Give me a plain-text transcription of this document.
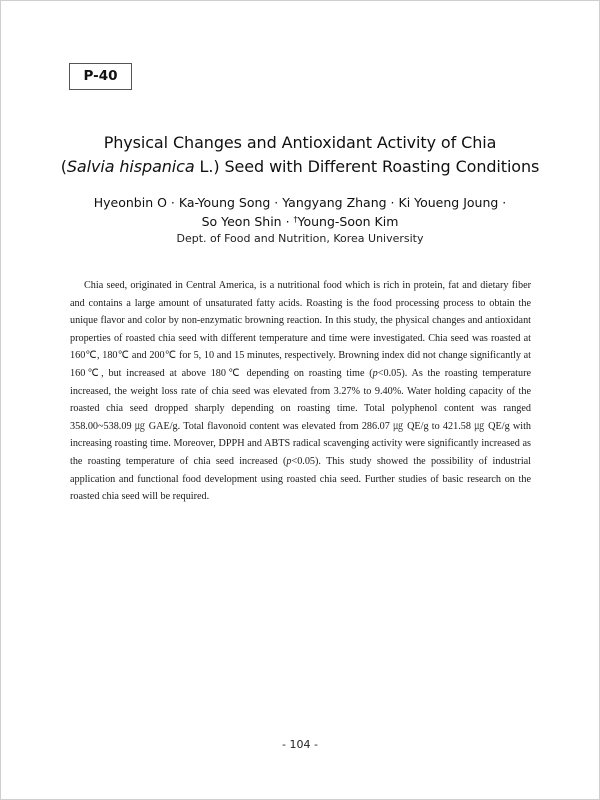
P-40
Physical Changes and Antioxidant Activity of Chia
(Salvia hispanica L.) Seed with Different Roasting Conditions
Hyeonbin O · Ka-Young Song · Yangyang Zhang · Ki Youeng Joung ·
So Yeon Shin · †Young-Soon Kim
Dept. of Food and Nutrition, Korea University

Chia seed, originated in Central America, is a nutritional food which is rich in protein, fat and dietary fiber and contains a large amount of unsaturated fatty acids. Roasting is the food processing process to obtain the unique flavor and color by non-enzymatic browning reaction. In this study, the physical changes and antioxidant properties of roasted chia seed with different temperature and time were investigated. Chia seed was roasted at 160℃, 180℃ and 200℃ for 5, 10 and 15 minutes, respectively. Browning index did not change significantly at 160℃, but increased at above 180℃ depending on roasting time (p<0.05). As the roasting temperature increased, the weight loss rate of chia seed was elevated from 3.27% to 9.40%. Water holding capacity of the roasted chia seed dropped sharply depending on roasting time. Total polyphenol content was ranged 358.00~538.09 ㎍ GAE/g. Total flavonoid content was elevated from 286.07 ㎍ QE/g to 421.58 ㎍ QE/g with increasing roasting time. Moreover, DPPH and ABTS radical scavenging activity were significantly increased as the roasting temperature of chia seed increased (p<0.05). This study showed the possibility of industrial application and functional food development using roasted chia seed. Further studies of basic research on the roasted chia seed will be required.

- 104 -
